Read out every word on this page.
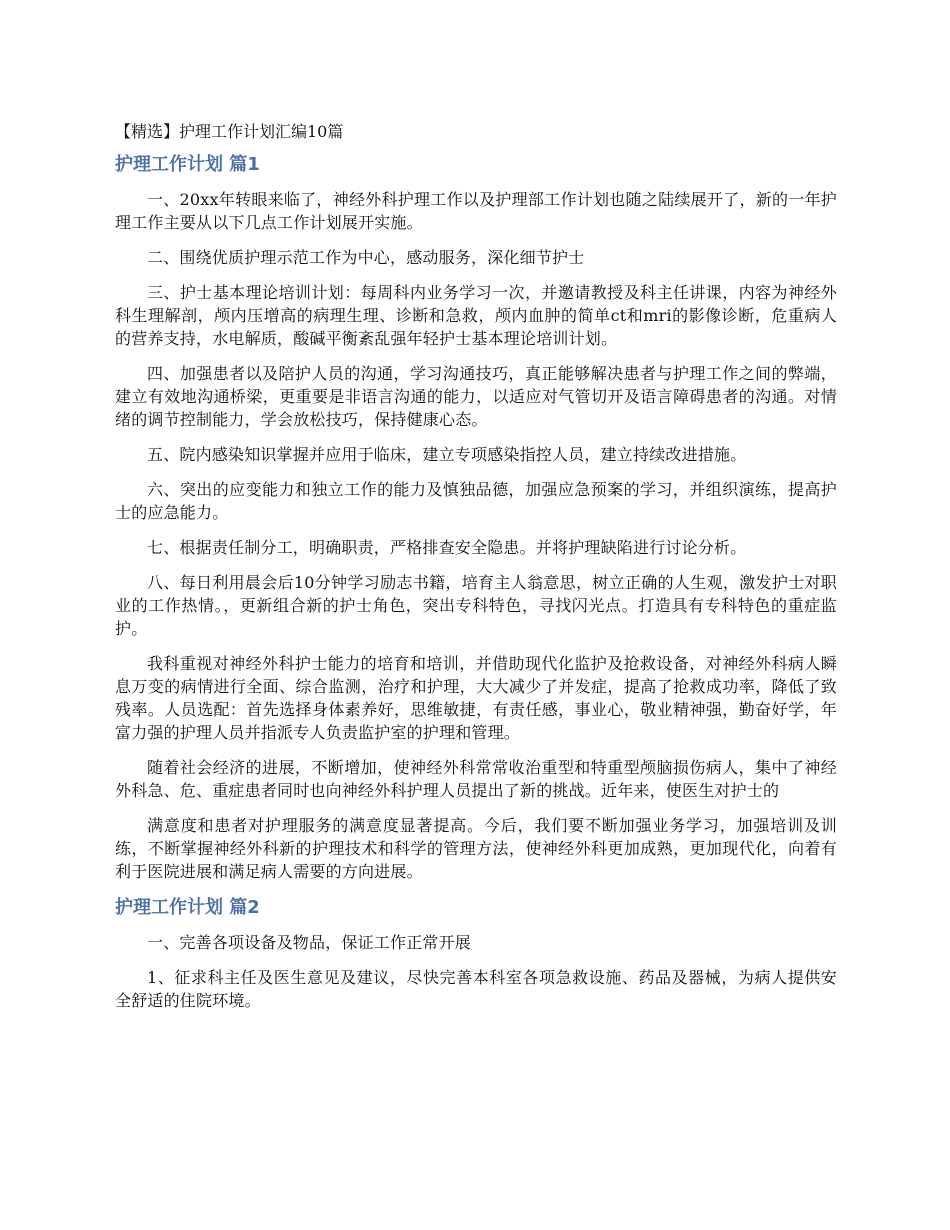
【精选】护理工作计划汇编10篇
护理工作计划 篇1

一、20xx年转眼来临了，神经外科护理工作以及护理部工作计划也随之陆续展开了，新的一年护理工作主要从以下几点工作计划展开实施。

二、围绕优质护理示范工作为中心，感动服务，深化细节护士

三、护士基本理论培训计划：每周科内业务学习一次，并邀请教授及科主任讲课，内容为神经外科生理解剖，颅内压增高的病理生理、诊断和急救，颅内血肿的简单ct和mri的影像诊断，危重病人的营养支持，水电解质，酸碱平衡紊乱强年轻护士基本理论培训计划。

四、加强患者以及陪护人员的沟通，学习沟通技巧，真正能够解决患者与护理工作之间的弊端，建立有效地沟通桥梁，更重要是非语言沟通的能力，以适应对气管切开及语言障碍患者的沟通。对情绪的调节控制能力，学会放松技巧，保持健康心态。

五、院内感染知识掌握并应用于临床，建立专项感染指控人员，建立持续改进措施。

六、突出的应变能力和独立工作的能力及慎独品德，加强应急预案的学习，并组织演练，提高护士的应急能力。

七、根据责任制分工，明确职责，严格排查安全隐患。并将护理缺陷进行讨论分析。

八、每日利用晨会后10分钟学习励志书籍，培育主人翁意思，树立正确的人生观，激发护士对职业的工作热情。，更新组合新的护士角色，突出专科特色，寻找闪光点。打造具有专科特色的重症监护。

我科重视对神经外科护士能力的培育和培训，并借助现代化监护及抢救设备，对神经外科病人瞬息万变的病情进行全面、综合监测，治疗和护理，大大减少了并发症，提高了抢救成功率，降低了致残率。人员选配：首先选择身体素养好，思维敏捷，有责任感，事业心，敬业精神强，勤奋好学，年富力强的护理人员并指派专人负责监护室的护理和管理。

随着社会经济的进展，不断增加，使神经外科常常收治重型和特重型颅脑损伤病人，集中了神经外科急、危、重症患者同时也向神经外科护理人员提出了新的挑战。近年来，使医生对护士的

满意度和患者对护理服务的满意度显著提高。今后，我们要不断加强业务学习，加强培训及训练，不断掌握神经外科新的护理技术和科学的管理方法，使神经外科更加成熟，更加现代化，向着有利于医院进展和满足病人需要的方向进展。

护理工作计划 篇2

一、完善各项设备及物品，保证工作正常开展

1、征求科主任及医生意见及建议，尽快完善本科室各项急救设施、药品及器械，为病人提供安全舒适的住院环境。
